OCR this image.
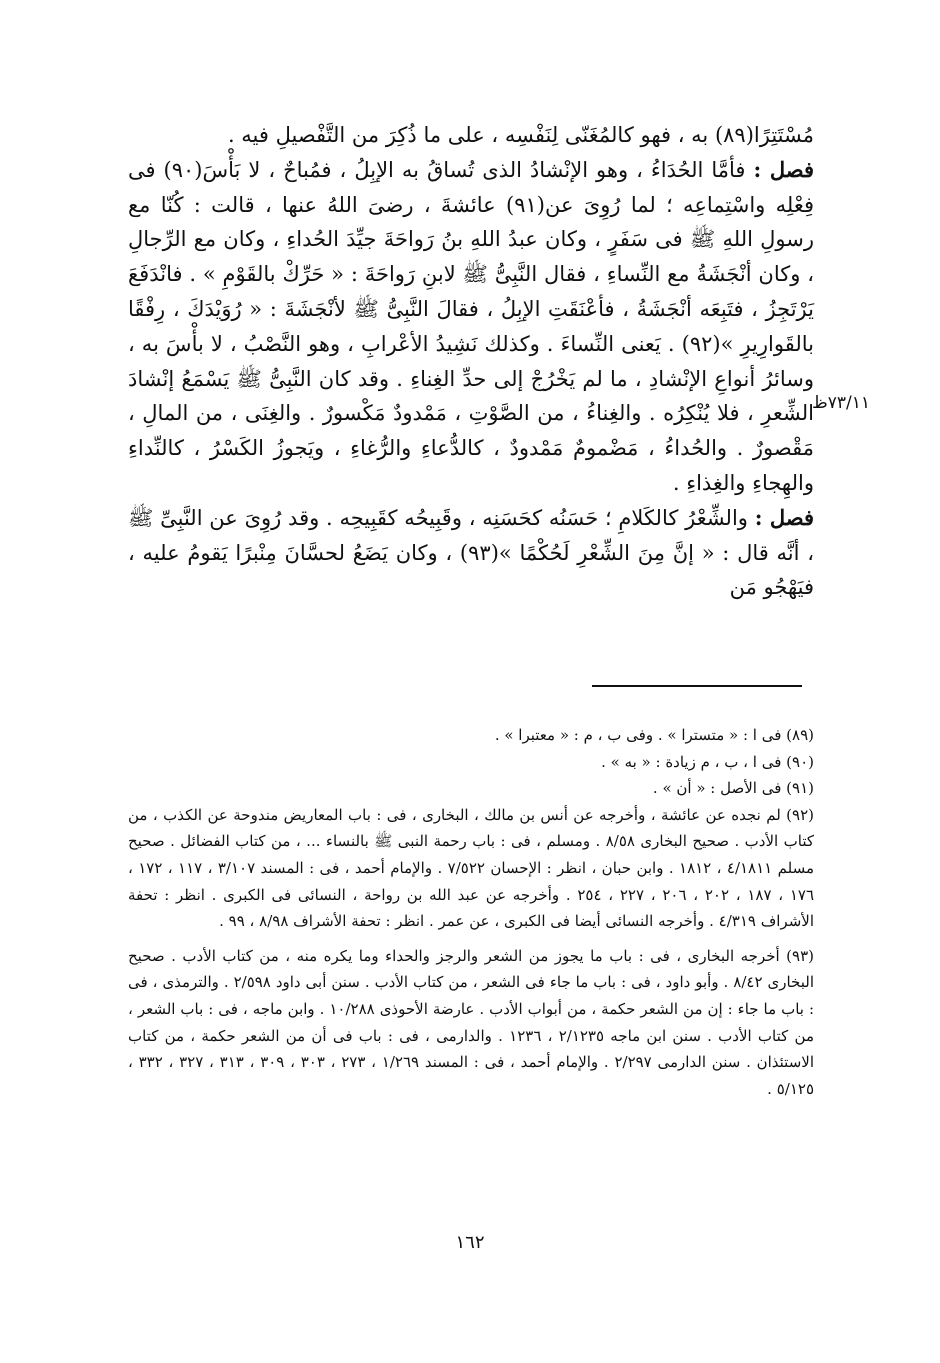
مُسْتَتِرًا(٨٩) به ، فهو كالمُغَنّى لِنَفْسِه ، على ما ذُكِرَ من التَّفْصيلِ فيه .

فصل : فأمَّا الحُدَاءُ ، وهو الإنْشادُ الذى تُساقُ به الإبِلُ ، فمُباحٌ ، لا بَأْسَ(٩٠) فى فِعْلِه واسْتِماعِه ؛ لما رُوِىَ عن(٩١) عائشةَ ، رضىَ اللهُ عنها ، قالت : كُنّا مع رسولِ اللهِ ﷺ فى سَفَرٍ ، وكان عبدُ اللهِ بنُ رَواحَةَ جيِّدَ الحُداءِ ، وكان مع الرِّجالِ ، وكان أنْجَشَةُ مع النِّساءِ ، فقال النَّبِىُّ ﷺ لابنِ رَواحَةَ : « حَرِّكْ بالقَوْمِ » . فانْدَفَعَ يَرْتَجِزُ ، فتَبِعَه أنْجَشَةُ ، فأعْنَقَتِ الإبِلُ ، فقالَ النَّبِىُّ ﷺ لأنْجَشَةَ : « رُوَيْدَكَ ، رِفْقًا بالقَوارِيرِ »(٩٢) . يَعنى النِّساءَ . وكذلك نَشِيدُ الأعْرابِ ، وهو النَّصْبُ ، لا بأْسَ به ، وسائرُ أنواعِ الإنْشادِ ، ما لم يَخْرُجْ إلى حدِّ الغِناءِ . وقد كان النَّبِىُّ ﷺ يَسْمَعُ إنْشادَ الشِّعرِ ، فلا يُنْكِرُه . والغِناءُ ، من الصَّوْتِ ، مَمْدودٌ مَكْسورٌ . والغِنَى ، من المالِ ، مَقْصورٌ . والحُداءُ ، مَضْمومٌ مَمْدودٌ ، كالدُّعاءِ والرُّغاءِ ، ويَجوزُ الكَسْرُ ، كالنِّداءِ والهِجاءِ والغِذاءِ .

فصل : والشِّعْرُ كالكَلامِ ؛ حَسَنُه كحَسَنِه ، وقَبِيحُه كقَبِيحِه . وقد رُوِىَ عن النَّبِىِّ ﷺ ، أنَّه قال : « إنَّ مِنَ الشِّعْرِ لَحُكْمًا »(٩٣) ، وكان يَضَعُ لحسَّانَ مِنْبرًا يَقومُ عليه ، فيَهْجُو مَن

٧٣/١١ظ

(٨٩) فى ا : « متسترا » . وفى ب ، م : « معتبرا » .

(٩٠) فى ا ، ب ، م زيادة : « به » .

(٩١) فى الأصل : « أن » .

(٩٢) لم نجده عن عائشة ، وأخرجه عن أنس بن مالك ، البخارى ، فى : باب المعاريض مندوحة عن الكذب ، من كتاب الأدب . صحيح البخارى ٨/٥٨ . ومسلم ، فى : باب رحمة النبى ﷺ بالنساء ... ، من كتاب الفضائل . صحيح مسلم ٤/١٨١١ ، ١٨١٢ . وابن حبان ، انظر : الإحسان ٧/٥٢٢ . والإمام أحمد ، فى : المسند ٣/١٠٧ ، ١١٧ ، ١٧٢ ، ١٧٦ ، ١٨٧ ، ٢٠٢ ، ٢٠٦ ، ٢٢٧ ، ٢٥٤ . وأخرجه عن عبد الله بن رواحة ، النسائى فى الكبرى . انظر : تحفة الأشراف ٤/٣١٩ . وأخرجه النسائى أيضا فى الكبرى ، عن عمر . انظر : تحفة الأشراف ٨/٩٨ ، ٩٩ .

(٩٣) أخرجه البخارى ، فى : باب ما يجوز من الشعر والرجز والحداء وما يكره منه ، من كتاب الأدب . صحيح البخارى ٨/٤٢ . وأبو داود ، فى : باب ما جاء فى الشعر ، من كتاب الأدب . سنن أبى داود ٢/٥٩٨ . والترمذى ، فى : باب ما جاء : إن من الشعر حكمة ، من أبواب الأدب . عارضة الأحوذى ١٠/٢٨٨ . وابن ماجه ، فى : باب الشعر ، من كتاب الأدب . سنن ابن ماجه ٢/١٢٣٥ ، ١٢٣٦ . والدارمى ، فى : باب فى أن من الشعر حكمة ، من كتاب الاستئذان . سنن الدارمى ٢/٢٩٧ . والإمام أحمد ، فى : المسند ١/٢٦٩ ، ٢٧٣ ، ٣٠٣ ، ٣٠٩ ، ٣١٣ ، ٣٢٧ ، ٣٣٢ ، ٥/١٢٥ .

١٦٢
